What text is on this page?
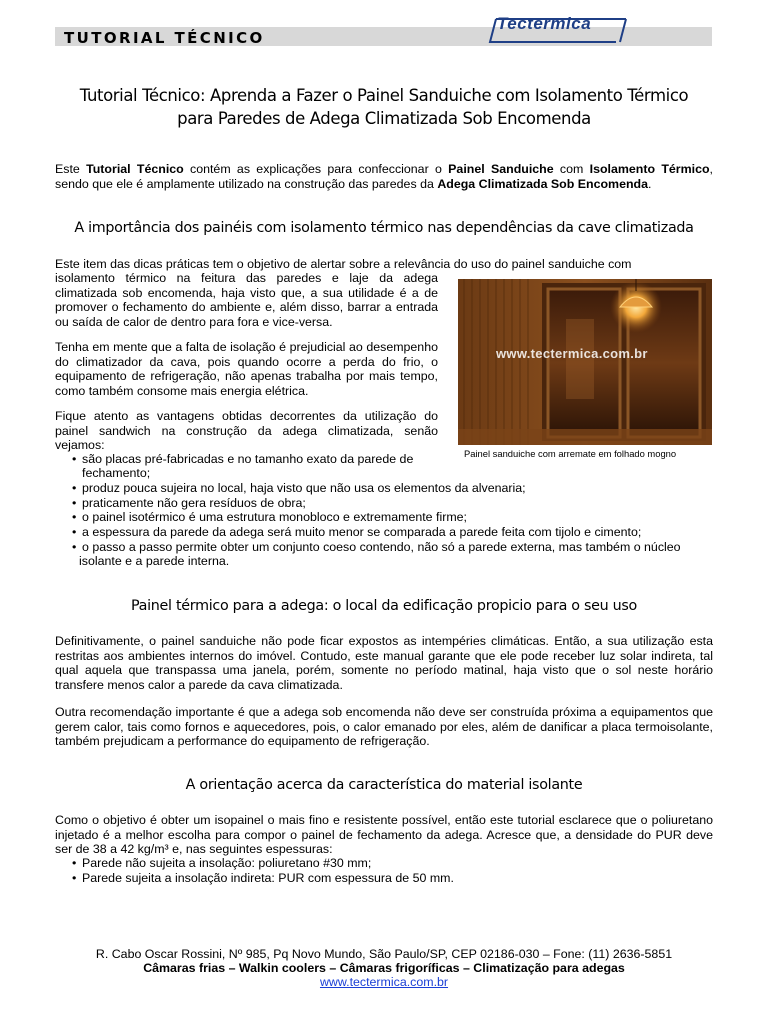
TUTORIAL TÉCNICO
Tectermica
Tutorial Técnico: Aprenda a Fazer o Painel Sanduiche com Isolamento Térmico
para Paredes de Adega Climatizada Sob Encomenda

Este Tutorial Técnico contém as explicações para confeccionar o Painel Sanduiche com Isolamento Térmico, sendo que ele é amplamente utilizado na construção das paredes da Adega Climatizada Sob Encomenda.

A importância dos painéis com isolamento térmico nas dependências da cave climatizada

Este item das dicas práticas tem o objetivo de alertar sobre a relevância do uso do painel sanduiche com

isolamento térmico na feitura das paredes e laje da adega climatizada sob encomenda, haja visto que, a sua utilidade é a de promover o fechamento do ambiente e, além disso, barrar a entrada ou saída de calor de dentro para fora e vice-versa.

Tenha em mente que a falta de isolação é prejudicial ao desempenho do climatizador da cava, pois quando ocorre a perda do frio, o equipamento de refrigeração, não apenas trabalha por mais tempo, como também consome mais energia elétrica.

Fique atento as vantagens obtidas decorrentes da utilização do painel sandwich na construção da adega climatizada, senão vejamos:

www.tectermica.com.br
Painel sanduiche com arremate em folhado mogno
• são placas pré-fabricadas e no tamanho exato da parede de
fechamento;
• produz pouca sujeira no local, haja visto que não usa os elementos da alvenaria;
• praticamente não gera resíduos de obra;
• o painel isotérmico é uma estrutura monobloco e extremamente firme;
• a espessura da parede da adega será muito menor se comparada a parede feita com tijolo e cimento;
• o passo a passo permite obter um conjunto coeso contendo, não só a parede externa, mas também o núcleo
isolante e a parede interna.
Painel térmico para a adega: o local da edificação propicio para o seu uso

Definitivamente, o painel sanduiche não pode ficar expostos as intempéries climáticas. Então, a sua utilização esta restritas aos ambientes internos do imóvel. Contudo, este manual garante que ele pode receber luz solar indireta, tal qual aquela que transpassa uma janela, porém, somente no período matinal, haja visto que o sol neste horário transfere menos calor a parede da cava climatizada.

Outra recomendação importante é que a adega sob encomenda não deve ser construída próxima a equipamentos que gerem calor, tais como fornos e aquecedores, pois, o calor emanado por eles, além de danificar a placa termoisolante, também prejudicam a performance do equipamento de refrigeração.

A orientação acerca da característica do material isolante

Como o objetivo é obter um isopainel o mais fino e resistente possível, então este tutorial esclarece que o poliuretano injetado é a melhor escolha para compor o painel de fechamento da adega. Acresce que, a densidade do PUR deve ser de 38 a 42 kg/m³ e, nas seguintes espessuras:

• Parede não sujeita a insolação: poliuretano #30 mm;
• Parede sujeita a insolação indireta: PUR com espessura de 50 mm.
R. Cabo Oscar Rossini, Nº 985, Pq Novo Mundo, São Paulo/SP, CEP 02186-030 – Fone: (11) 2636-5851
Câmaras frias – Walkin coolers – Câmaras frigoríficas – Climatização para adegas
www.tectermica.com.br
